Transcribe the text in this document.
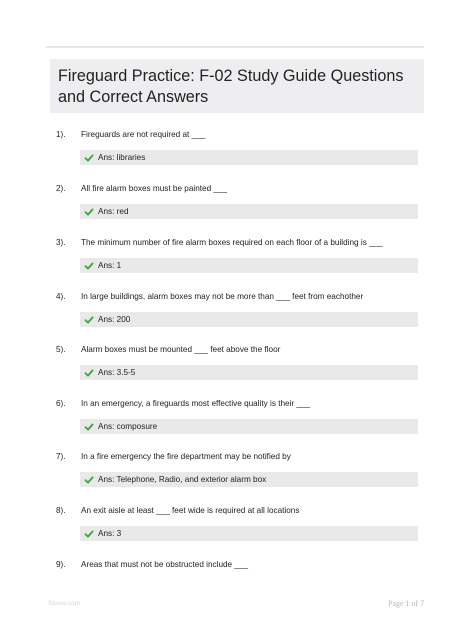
Fireguard Practice: F-02 Study Guide Questions and Correct Answers
1). Fireguards are not required at ___
Ans: libraries
2). All fire alarm boxes must be painted ___
Ans: red
3). The minimum number of fire alarm boxes required on each floor of a building is ___
Ans: 1
4). In large buildings, alarm boxes may not be more than ___ feet from eachother
Ans: 200
5). Alarm boxes must be mounted ___ feet above the floor
Ans: 3.5-5
6). In an emergency, a fireguards most effective quality is their ___
Ans: composure
7). In a fire emergency the fire department may be notified by
Ans: Telephone, Radio, and exterior alarm box
8). An exit aisle at least ___ feet wide is required at all locations
Ans: 3
9). Areas that must not be obstructed include ___
Stuvia.com	Page 1 of 7
